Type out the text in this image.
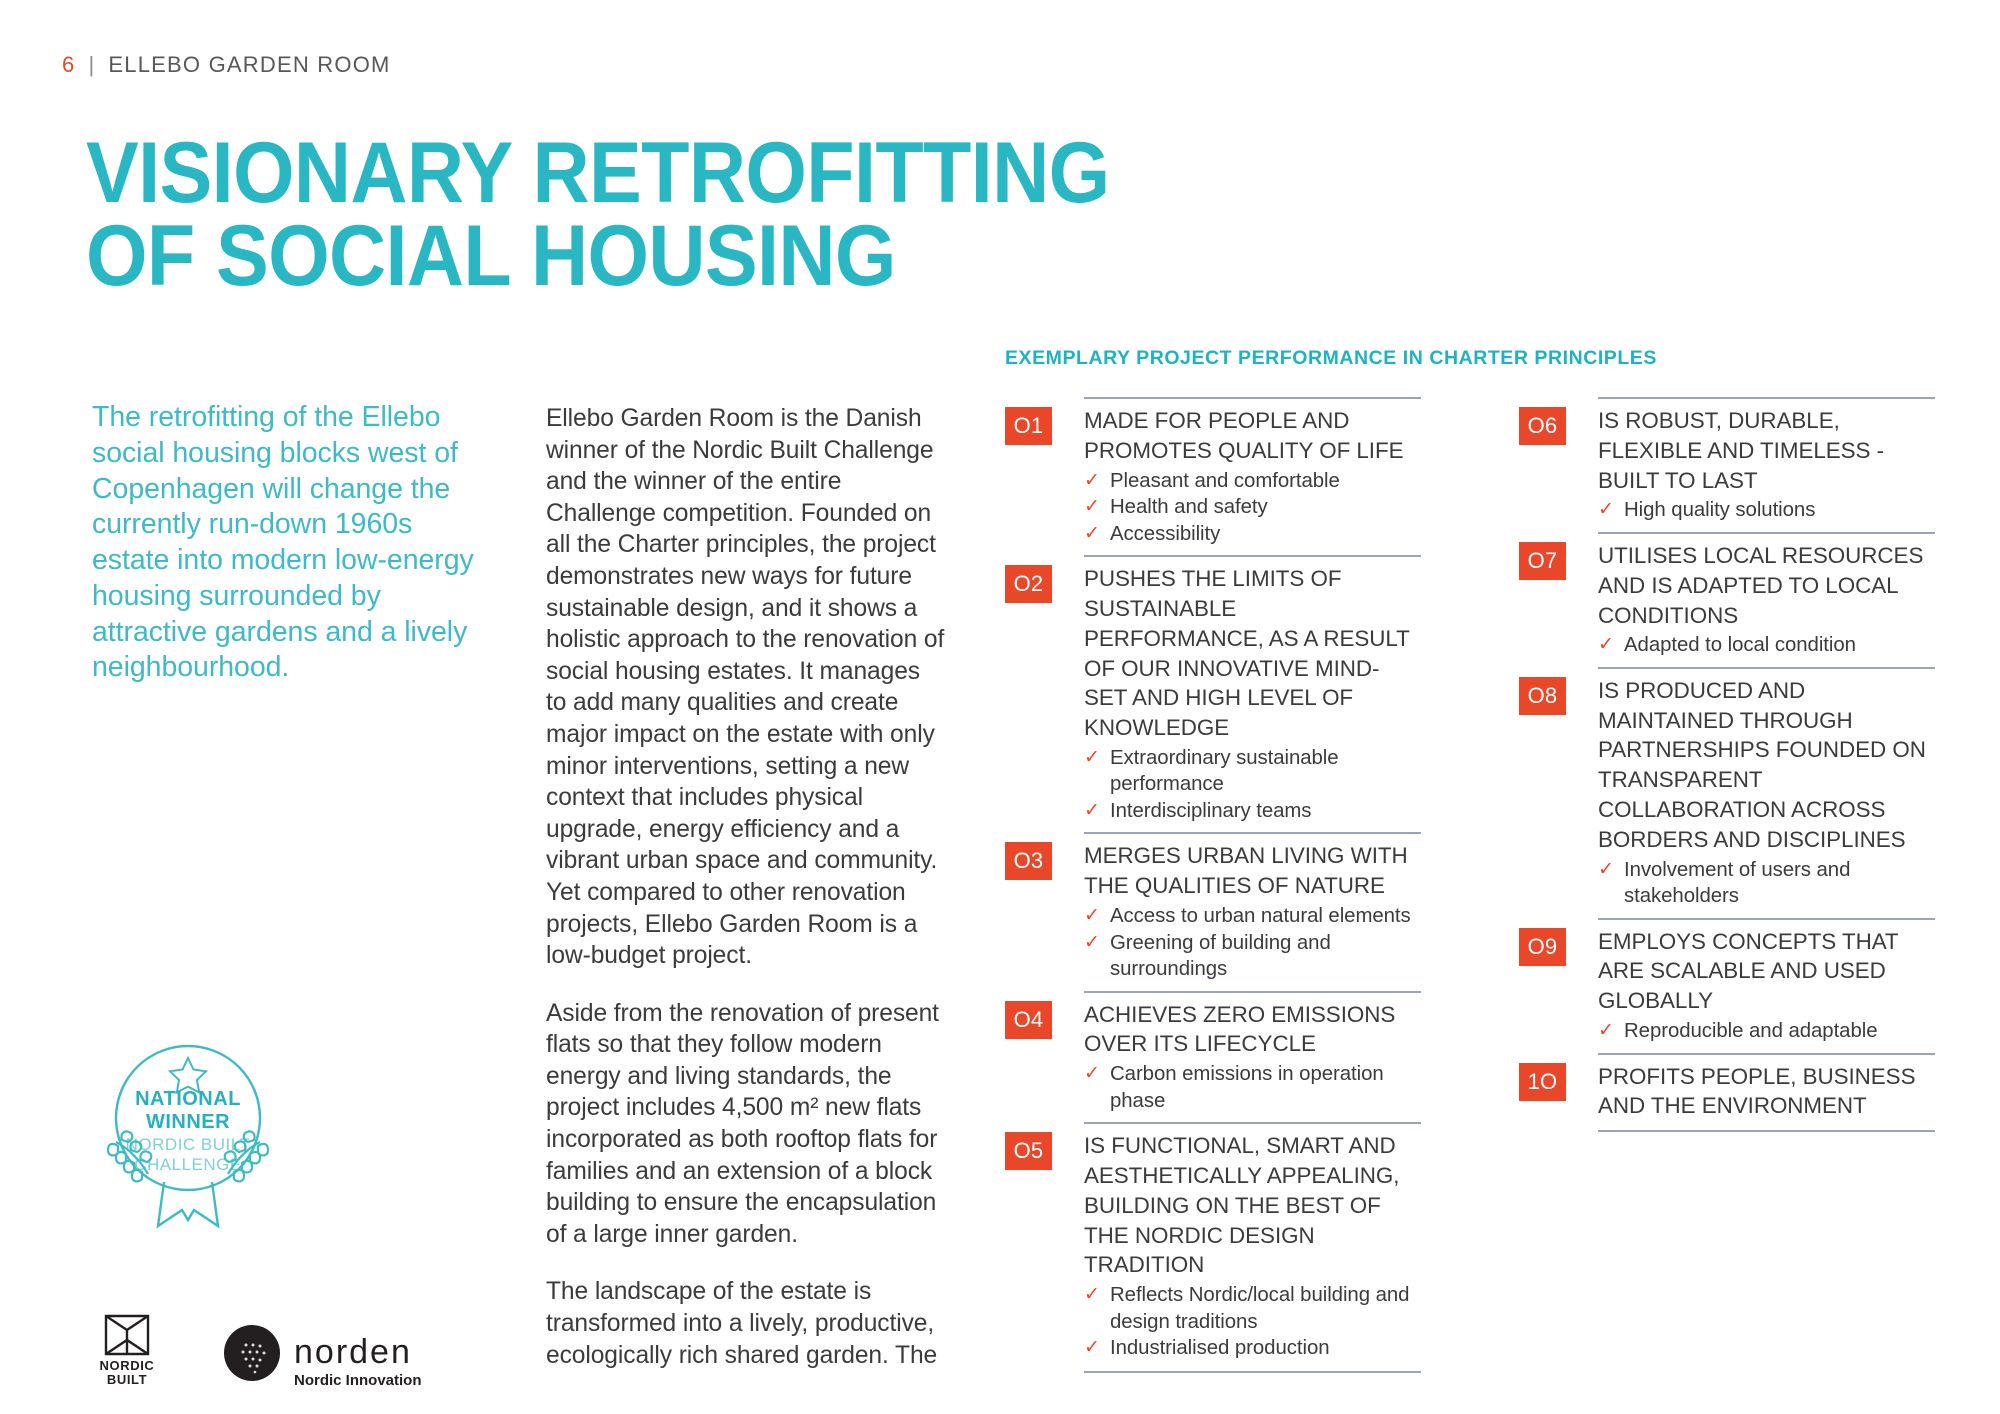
6 | ELLEBO GARDEN ROOM
VISIONARY RETROFITTING
OF SOCIAL HOUSING

The retrofitting of the Ellebo social housing blocks west of Copenhagen will change the currently run-down 1960s estate into modern low-energy housing surrounded by attractive gardens and a lively neighbourhood.

Ellebo Garden Room is the Danish winner of the Nordic Built Challenge and the winner of the entire Challenge competition. Founded on all the Charter principles, the project demonstrates new ways for future sustainable design, and it shows a holistic approach to the renovation of social housing estates. It manages to add many qualities and create major impact on the estate with only minor interventions, setting a new context that includes physical upgrade, energy efficiency and a vibrant urban space and community. Yet compared to other renovation projects, Ellebo Garden Room is a low-budget project.

Aside from the renovation of present flats so that they follow modern energy and living standards, the project includes 4,500 m² new flats incorporated as both rooftop flats for families and an extension of a block building to ensure the encapsulation of a large inner garden.

The landscape of the estate is transformed into a lively, productive, ecologically rich shared garden. The

NATIONAL
WINNER
NORDIC BUILT
CHALLENGE
NORDIC
BUILT
norden
Nordic Innovation
EXEMPLARY PROJECT PERFORMANCE IN CHARTER PRINCIPLES
O1	MADE FOR PEOPLE AND PROMOTES QUALITY OF LIFE
✓ Pleasant and comfortable
✓ Health and safety
✓ Accessibility
O2	PUSHES THE LIMITS OF SUSTAINABLE PERFORMANCE, AS A RESULT OF OUR INNOVATIVE MIND-SET AND HIGH LEVEL OF KNOWLEDGE
✓ Extraordinary sustainable performance
✓ Interdisciplinary teams
O3	MERGES URBAN LIVING WITH THE QUALITIES OF NATURE
✓ Access to urban natural elements
✓ Greening of building and surroundings
O4	ACHIEVES ZERO EMISSIONS OVER ITS LIFECYCLE
✓ Carbon emissions in operation phase
O5	IS FUNCTIONAL, SMART AND AESTHETICALLY APPEALING, BUILDING ON THE BEST OF THE NORDIC DESIGN TRADITION
✓ Reflects Nordic/local building and design traditions
✓ Industrialised production
O6	IS ROBUST, DURABLE, FLEXIBLE AND TIMELESS - BUILT TO LAST
✓ High quality solutions
O7	UTILISES LOCAL RESOURCES AND IS ADAPTED TO LOCAL CONDITIONS
✓ Adapted to local condition
O8	IS PRODUCED AND MAINTAINED THROUGH PARTNERSHIPS FOUNDED ON TRANSPARENT COLLABORATION ACROSS BORDERS AND DISCIPLINES
✓ Involvement of users and stakeholders
O9	EMPLOYS CONCEPTS THAT ARE SCALABLE AND USED GLOBALLY
✓ Reproducible and adaptable
1O	PROFITS PEOPLE, BUSINESS AND THE ENVIRONMENT
